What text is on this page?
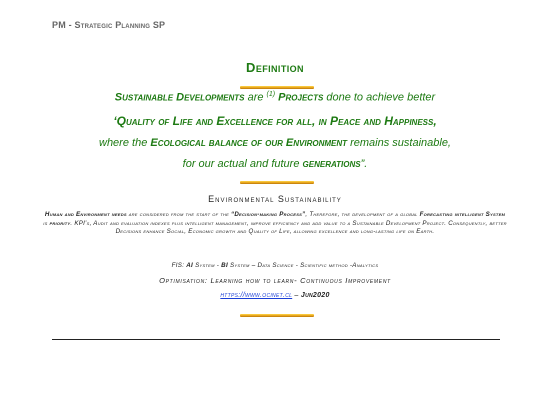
PM - Strategic Planning SP
Definition
Sustainable Developments are $^{(1)}$ Projects done to achieve better
‘Quality of Life and Excellence for all, in Peace and Happiness,
where the Ecological balance of our Environment remains sustainable,
for our actual and future generations”.
Environmental Sustainability
Human and Environment needs are considered from the start of the “Decision-making Process”, Therefore, the development of a global Forecasting intelligent System is priority. KPI’s, Audit and evaluation indexes plus intelligent management, improve efficiency and add value to a Sustainable Development Project. Consequently, better Decisions enhance Social, Economic growth and Quality of Life, allowing excellence and long-lasting life on Earth.
FIS: AI System - BI System – Data Science - Scientific method -Analytics
Optimisation: Learning how to learn- Continuous Improvement
https://www.ocinet.cl – Jun2020
